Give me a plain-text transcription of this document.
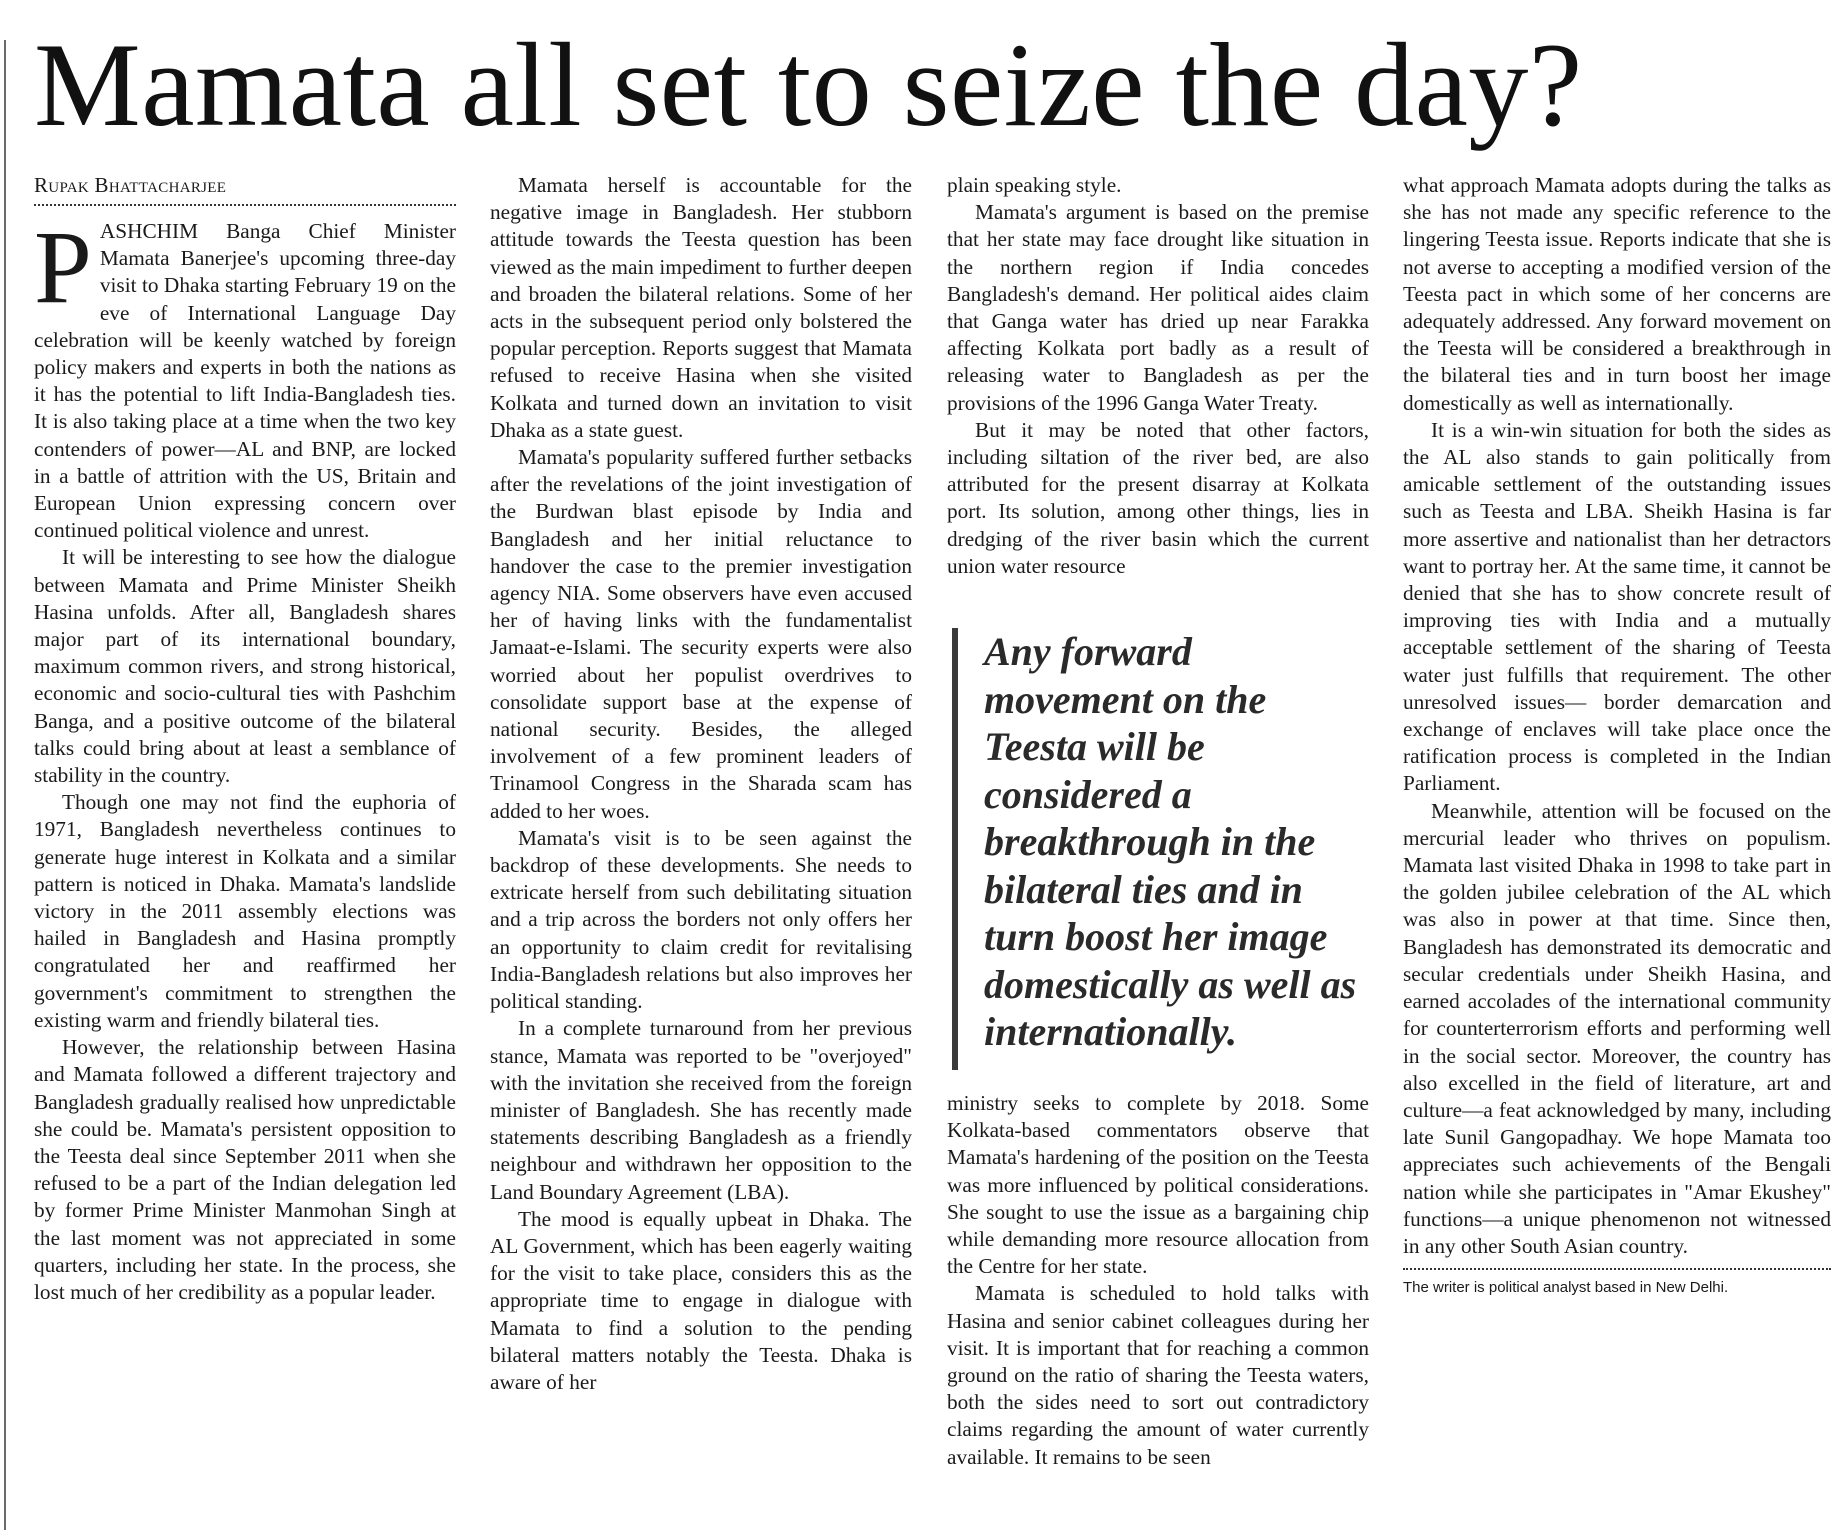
Mamata all set to seize the day?
Rupak Bhattacharjee

PASHCHIM Banga Chief Minister Mamata Banerjee's upcoming three-day visit to Dhaka starting February 19 on the eve of International Language Day celebration will be keenly watched by foreign policy makers and experts in both the nations as it has the potential to lift India-Bangladesh ties. It is also taking place at a time when the two key contenders of power—AL and BNP, are locked in a battle of attrition with the US, Britain and European Union expressing concern over continued political violence and unrest.

It will be interesting to see how the dialogue between Mamata and Prime Minister Sheikh Hasina unfolds. After all, Bangladesh shares major part of its international boundary, maximum common rivers, and strong historical, economic and socio-cultural ties with Pashchim Banga, and a positive outcome of the bilateral talks could bring about at least a semblance of stability in the country.

Though one may not find the euphoria of 1971, Bangladesh nevertheless continues to generate huge interest in Kolkata and a similar pattern is noticed in Dhaka. Mamata's landslide victory in the 2011 assembly elections was hailed in Bangladesh and Hasina promptly congratulated her and reaffirmed her government's commitment to strengthen the existing warm and friendly bilateral ties.

However, the relationship between Hasina and Mamata followed a different trajectory and Bangladesh gradually realised how unpredictable she could be. Mamata's persistent opposition to the Teesta deal since September 2011 when she refused to be a part of the Indian delegation led by former Prime Minister Manmohan Singh at the last moment was not appreciated in some quarters, including her state. In the process, she lost much of her credibility as a popular leader.

Mamata herself is accountable for the negative image in Bangladesh. Her stubborn attitude towards the Teesta question has been viewed as the main impediment to further deepen and broaden the bilateral relations. Some of her acts in the subsequent period only bolstered the popular perception. Reports suggest that Mamata refused to receive Hasina when she visited Kolkata and turned down an invitation to visit Dhaka as a state guest.

Mamata's popularity suffered further setbacks after the revelations of the joint investigation of the Burdwan blast episode by India and Bangladesh and her initial reluctance to handover the case to the premier investigation agency NIA. Some observers have even accused her of having links with the fundamentalist Jamaat-e-Islami. The security experts were also worried about her populist overdrives to consolidate support base at the expense of national security. Besides, the alleged involvement of a few prominent leaders of Trinamool Congress in the Sharada scam has added to her woes.

Mamata's visit is to be seen against the backdrop of these developments. She needs to extricate herself from such debilitating situation and a trip across the borders not only offers her an opportunity to claim credit for revitalising India-Bangladesh relations but also improves her political standing.

In a complete turnaround from her previous stance, Mamata was reported to be "overjoyed" with the invitation she received from the foreign minister of Bangladesh. She has recently made statements describing Bangladesh as a friendly neighbour and withdrawn her opposition to the Land Boundary Agreement (LBA).

The mood is equally upbeat in Dhaka. The AL Government, which has been eagerly waiting for the visit to take place, considers this as the appropriate time to engage in dialogue with Mamata to find a solution to the pending bilateral matters notably the Teesta. Dhaka is aware of her

plain speaking style.

Mamata's argument is based on the premise that her state may face drought like situation in the northern region if India concedes Bangladesh's demand. Her political aides claim that Ganga water has dried up near Farakka affecting Kolkata port badly as a result of releasing water to Bangladesh as per the provisions of the 1996 Ganga Water Treaty.

But it may be noted that other factors, including siltation of the river bed, are also attributed for the present disarray at Kolkata port. Its solution, among other things, lies in dredging of the river basin which the current union water resource

Any forward movement on the Teesta will be considered a breakthrough in the bilateral ties and in turn boost her image domestically as well as internationally.

ministry seeks to complete by 2018. Some Kolkata-based commentators observe that Mamata's hardening of the position on the Teesta was more influenced by political considerations. She sought to use the issue as a bargaining chip while demanding more resource allocation from the Centre for her state.

Mamata is scheduled to hold talks with Hasina and senior cabinet colleagues during her visit. It is important that for reaching a common ground on the ratio of sharing the Teesta waters, both the sides need to sort out contradictory claims regarding the amount of water currently available. It remains to be seen

what approach Mamata adopts during the talks as she has not made any specific reference to the lingering Teesta issue. Reports indicate that she is not averse to accepting a modified version of the Teesta pact in which some of her concerns are adequately addressed. Any forward movement on the Teesta will be considered a breakthrough in the bilateral ties and in turn boost her image domestically as well as internationally.

It is a win-win situation for both the sides as the AL also stands to gain politically from amicable settlement of the outstanding issues such as Teesta and LBA. Sheikh Hasina is far more assertive and nationalist than her detractors want to portray her. At the same time, it cannot be denied that she has to show concrete result of improving ties with India and a mutually acceptable settlement of the sharing of Teesta water just fulfills that requirement. The other unresolved issues— border demarcation and exchange of enclaves will take place once the ratification process is completed in the Indian Parliament.

Meanwhile, attention will be focused on the mercurial leader who thrives on populism. Mamata last visited Dhaka in 1998 to take part in the golden jubilee celebration of the AL which was also in power at that time. Since then, Bangladesh has demonstrated its democratic and secular credentials under Sheikh Hasina, and earned accolades of the international community for counterterrorism efforts and performing well in the social sector. Moreover, the country has also excelled in the field of literature, art and culture—a feat acknowledged by many, including late Sunil Gangopadhay. We hope Mamata too appreciates such achievements of the Bengali nation while she participates in "Amar Ekushey" functions—a unique phenomenon not witnessed in any other South Asian country.

The writer is political analyst based in New Delhi.
